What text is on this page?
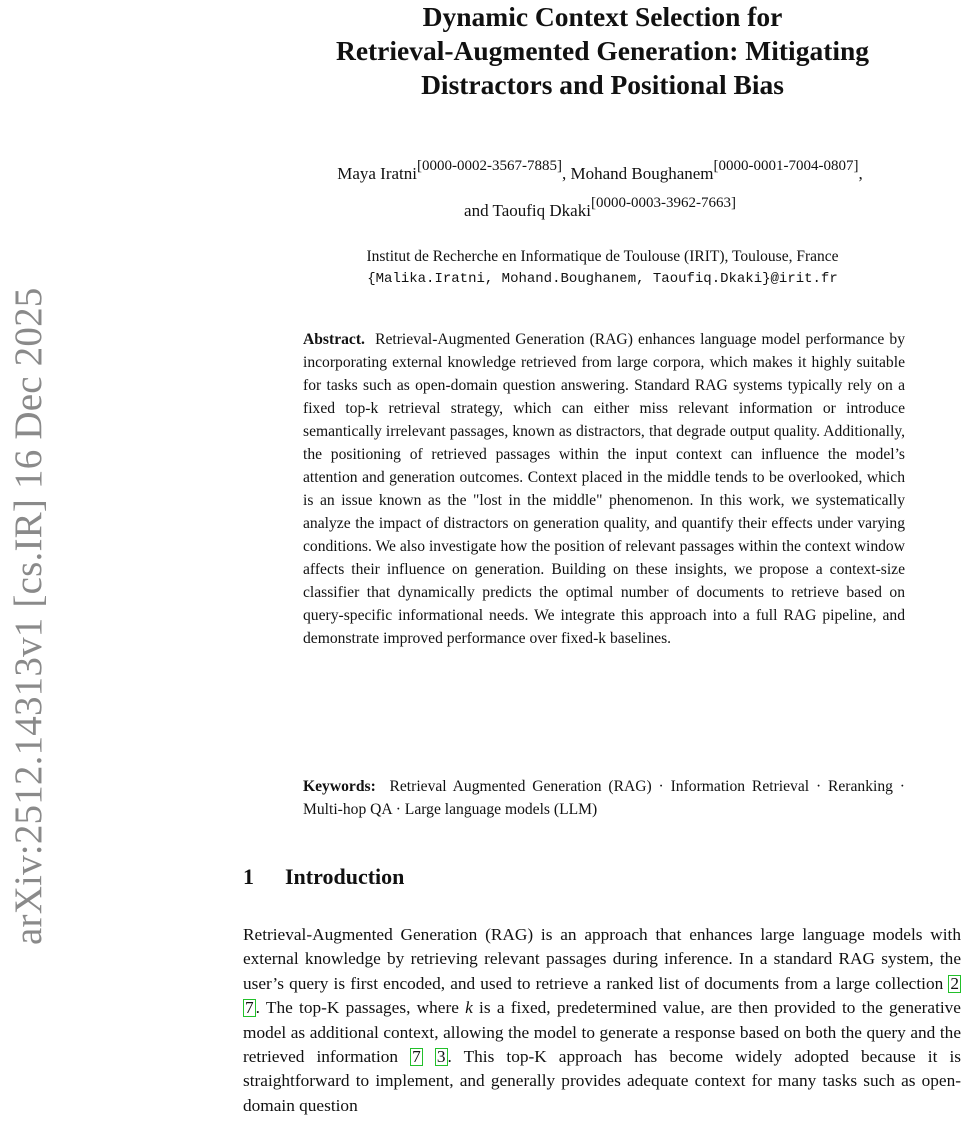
arXiv:2512.14313v1 [cs.IR] 16 Dec 2025
Dynamic Context Selection for
Retrieval-Augmented Generation: Mitigating
Distractors and Positional Bias
Maya Iratni[0000-0002-3567-7885], Mohand Boughanem[0000-0001-7004-0807],
and Taoufiq Dkaki[0000-0003-3962-7663]
Institut de Recherche en Informatique de Toulouse (IRIT), Toulouse, France
{Malika.Iratni, Mohand.Boughanem, Taoufiq.Dkaki}@irit.fr
Abstract. Retrieval-Augmented Generation (RAG) enhances language model performance by incorporating external knowledge retrieved from large corpora, which makes it highly suitable for tasks such as open-domain question answering. Standard RAG systems typically rely on a fixed top-k retrieval strategy, which can either miss relevant information or introduce semantically irrelevant passages, known as distractors, that degrade output quality. Additionally, the positioning of retrieved passages within the input context can influence the model’s attention and generation outcomes. Context placed in the middle tends to be overlooked, which is an issue known as the "lost in the middle" phenomenon. In this work, we systematically analyze the impact of distractors on generation quality, and quantify their effects under varying conditions. We also investigate how the position of relevant passages within the context window affects their influence on generation. Building on these insights, we propose a context-size classifier that dynamically predicts the optimal number of documents to retrieve based on query-specific informational needs. We integrate this approach into a full RAG pipeline, and demonstrate improved performance over fixed-k baselines.
Keywords: Retrieval Augmented Generation (RAG) · Information Retrieval · Reranking · Multi-hop QA · Large language models (LLM)
1 Introduction
Retrieval-Augmented Generation (RAG) is an approach that enhances large language models with external knowledge by retrieving relevant passages during inference. In a standard RAG system, the user’s query is first encoded, and used to retrieve a ranked list of documents from a large collection 2 7 . The top-K passages, where k is a fixed, predetermined value, are then provided to the generative model as additional context, allowing the model to generate a response based on both the query and the retrieved information 7 3 . This top-K approach has become widely adopted because it is straightforward to implement, and generally provides adequate context for many tasks such as open-domain question
